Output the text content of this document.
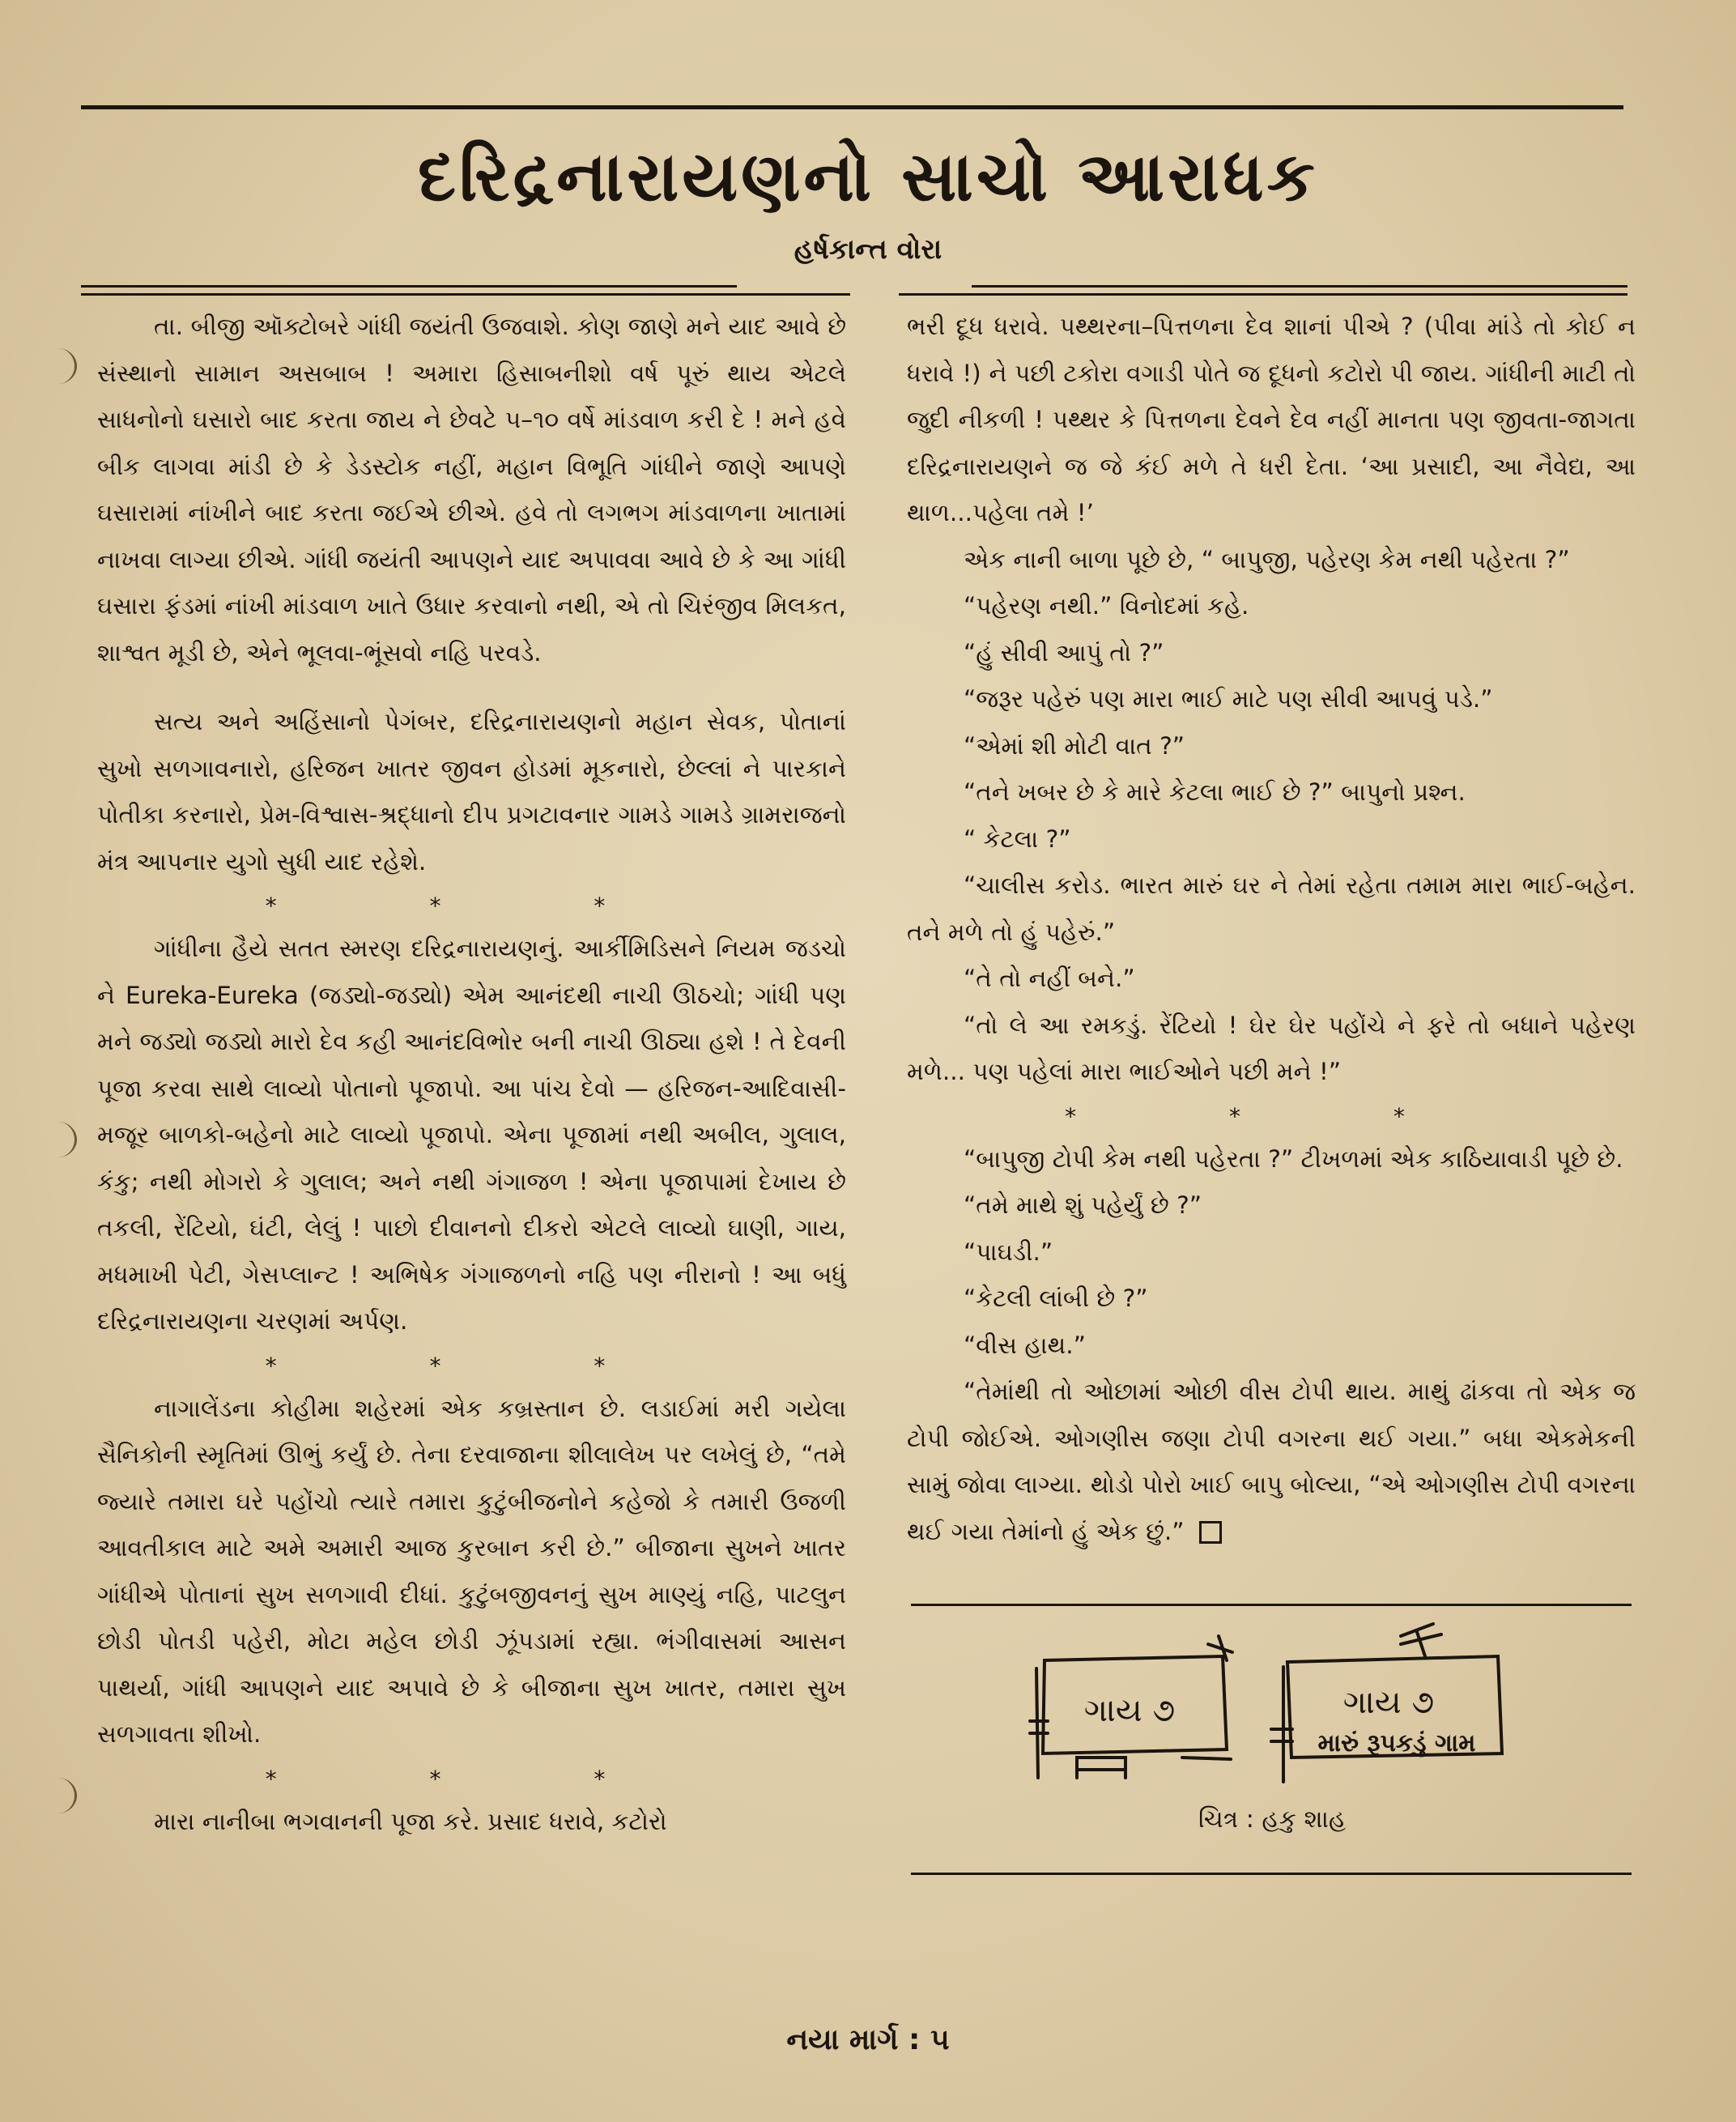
દરિદ્રનારાયણનો સાચો આરાધક
હર્ષકાન્ત વોરા

તા. બીજી ઑક્ટોબરે ગાંધી જયંતી ઉજવાશે. કોણ જાણે મને યાદ આવે છે સંસ્થાનો સામાન અસબાબ ! અમારા હિસાબનીશો વર્ષ પૂરું થાય એટલે સાધનોનો ઘસારો બાદ કરતા જાય ને છેવટે ૫–૧૦ વર્ષે માંડવાળ કરી દે ! મને હવે બીક લાગવા માંડી છે કે ડેડસ્ટોક નહીં, મહાન વિભૂતિ ગાંધીને જાણે આપણે ઘસારામાં નાંખીને બાદ કરતા જઈએ છીએ. હવે તો લગભગ માંડવાળના ખાતામાં નાખવા લાગ્યા છીએ. ગાંધી જયંતી આપણને યાદ અપાવવા આવે છે કે આ ગાંધી ઘસારા ફંડમાં નાંખી માંડવાળ ખાતે ઉધાર કરવાનો નથી, એ તો ચિરંજીવ મિલકત, શાશ્વત મૂડી છે, એને ભૂલવા-ભૂંસવો નહિ પરવડે.

સત્ય અને અહિંસાનો પેગંબર, દરિદ્રનારાયણનો મહાન સેવક, પોતાનાં સુખો સળગાવનારો, હરિજન ખાતર જીવન હોડમાં મૂકનારો, છેલ્લાં ને પારકાને પોતીકા કરનારો, પ્રેમ-વિશ્વાસ-શ્રદ્ધાનો દીપ પ્રગટાવનાર ગામડે ગામડે ગ્રામરાજનો મંત્ર આપનાર યુગો સુધી યાદ રહેશે.

* * *

ગાંધીના હૈયે સતત સ્મરણ દરિદ્રનારાયણનું. આર્કીમિડિસને નિયમ જડચો ને Eureka-Eureka (જડ્યો-જડ્યો) એમ આનંદથી નાચી ઊઠચો; ગાંધી પણ મને જડ્યો જડ્યો મારો દેવ કહી આનંદવિભોર બની નાચી ઊઠ્યા હશે ! તે દેવની પૂજા કરવા સાથે લાવ્યો પોતાનો પૂજાપો. આ પાંચ દેવો — હરિજન-આદિવાસી-મજૂર બાળકો-બહેનો માટે લાવ્યો પૂજાપો. એના પૂજામાં નથી અબીલ, ગુલાલ, કંકુ; નથી મોગરો કે ગુલાલ; અને નથી ગંગાજળ ! એના પૂજાપામાં દેખાય છે તકલી, રેંટિયો, ઘંટી, લેલું ! પાછો દીવાનનો દીકરો એટલે લાવ્યો ઘાણી, ગાય, મધમાખી પેટી, ગેસપ્લાન્ટ ! અભિષેક ગંગાજળનો નહિ પણ નીરાનો ! આ બધું દરિદ્રનારાયણના ચરણમાં અર્પણ.

* * *

નાગાલેંડના કોહીમા શહેરમાં એક કબ્રસ્તાન છે. લડાઈમાં મરી ગયેલા સૈનિકોની સ્મૃતિમાં ઊભું કર્યું છે. તેના દરવાજાના શીલાલેખ પર લખેલું છે, “તમે જ્યારે તમારા ઘરે પહોંચો ત્યારે તમારા કુટુંબીજનોને કહેજો કે તમારી ઉજળી આવતીકાલ માટે અમે અમારી આજ કુરબાન કરી છે.” બીજાના સુખને ખાતર ગાંધીએ પોતાનાં સુખ સળગાવી દીધાં. કુટુંબજીવનનું સુખ માણ્યું નહિ, પાટલુન છોડી પોતડી પહેરી, મોટા મહેલ છોડી ઝૂંપડામાં રહ્યા. ભંગીવાસમાં આસન પાથર્યા, ગાંધી આપણને યાદ અપાવે છે કે બીજાના સુખ ખાતર, તમારા સુખ સળગાવતા શીખો.

* * *

મારા નાનીબા ભગવાનની પૂજા કરે. પ્રસાદ ધરાવે, કટોરો

ભરી દૂધ ધરાવે. પથ્થરના–પિત્તળના દેવ શાનાં પીએ ? (પીવા માંડે તો કોઈ ન ધરાવે !) ને પછી ટકોરા વગાડી પોતે જ દૂધનો કટોરો પી જાય. ગાંધીની માટી તો જુદી નીકળી ! પથ્થર કે પિત્તળના દેવને દેવ નહીં માનતા પણ જીવતા-જાગતા દરિદ્રનારાયણને જ જે કંઈ મળે તે ધરી દેતા. ‘આ પ્રસાદી, આ નૈવેદ્ય, આ થાળ...પહેલા તમે !’

એક નાની બાળા પૂછે છે, “ બાપુજી, પહેરણ કેમ નથી પહેરતા ?”

“પહેરણ નથી.” વિનોદમાં કહે.

“હું સીવી આપું તો ?”

“જરૂર પહેરું પણ મારા ભાઈ માટે પણ સીવી આપવું પડે.”

“એમાં શી મોટી વાત ?”

“તને ખબર છે કે મારે કેટલા ભાઈ છે ?” બાપુનો પ્રશ્ન.

“ કેટલા ?”

“ચાલીસ કરોડ. ભારત મારું ઘર ને તેમાં રહેતા તમામ મારા ભાઈ-બહેન. તને મળે તો હું પહેરું.”

“તે તો નહીં બને.”

“તો લે આ રમકડું. રેંટિયો ! ઘેર ઘેર પહોંચે ને ફરે તો બધાને પહેરણ મળે... પણ પહેલાં મારા ભાઈઓને પછી મને !”

* * *

“બાપુજી ટોપી કેમ નથી પહેરતા ?” ટીખળમાં એક કાઠિયાવાડી પૂછે છે.

“તમે માથે શું પહેર્યું છે ?”

“પાઘડી.”

“કેટલી લાંબી છે ?”

“વીસ હાથ.”

“તેમાંથી તો ઓછામાં ઓછી વીસ ટોપી થાય. માથું ઢાંકવા તો એક જ ટોપી જોઈએ. ઓગણીસ જણા ટોપી વગરના થઈ ગયા.” બધા એકમેકની સામું જોવા લાગ્યા. થોડો પોરો ખાઈ બાપુ બોલ્યા, “એ ઓગણીસ ટોપી વગરના થઈ ગયા તેમાંનો હું એક છું.”

ગાય ૭	ગાય ૭
મારું રૂપકડું ગામ
ચિત્ર : હકુ શાહ
નયા માર્ગ : ૫
